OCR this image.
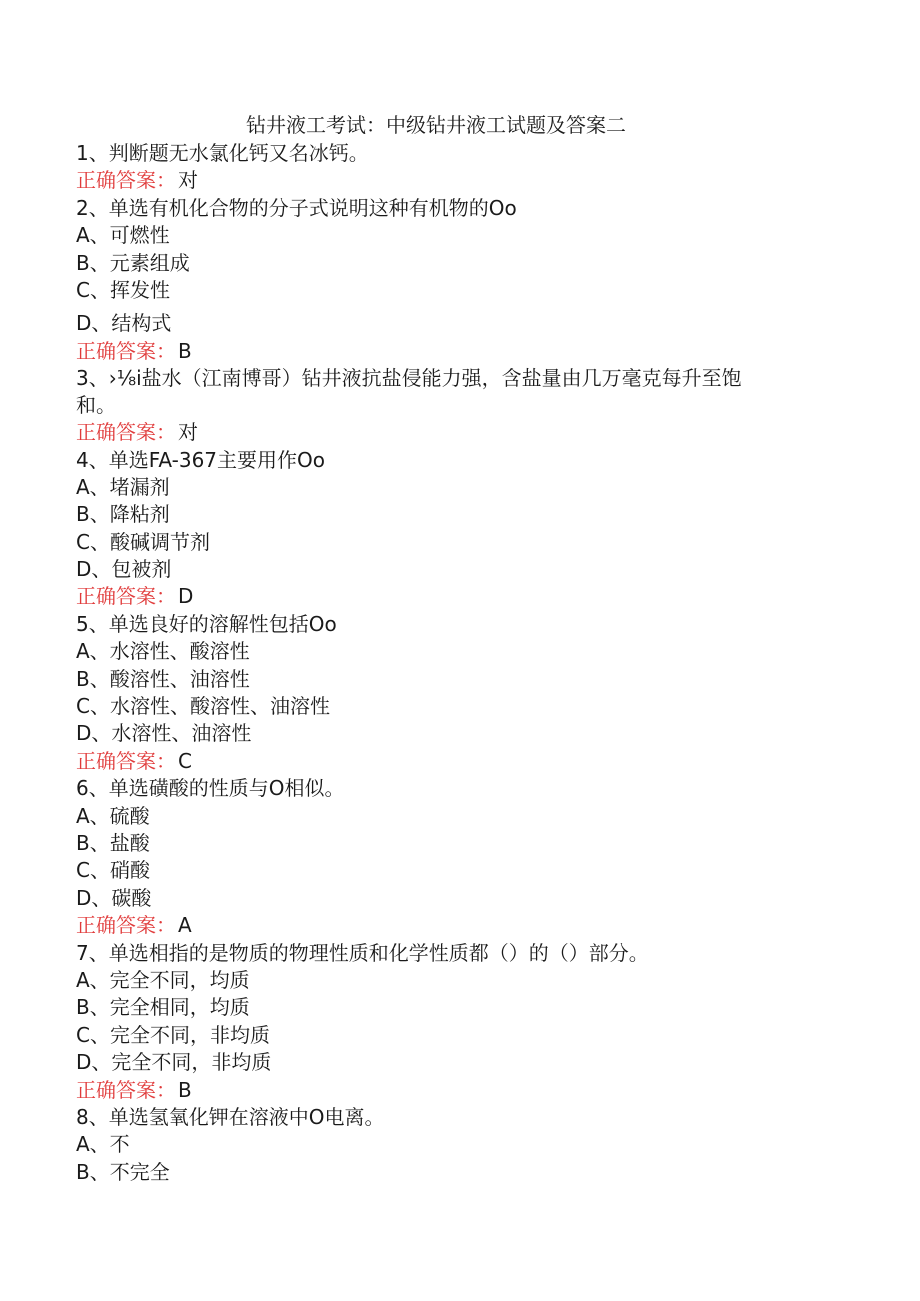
钻井液工考试：中级钻井液工试题及答案二
1、判断题无水氯化钙又名冰钙。
正确答案： 对
2、单选有机化合物的分子式说明这种有机物的Oo
A、可燃性
B、元素组成
C、挥发性
D、结构式
正确答案： B
3、›⅛i盐水（江南博哥）钻井液抗盐侵能力强，含盐量由几万毫克每升至饱和。
正确答案： 对
4、单选FA-367主要用作Oo
A、堵漏剂
B、降粘剂
C、酸碱调节剂
D、包被剂
正确答案： D
5、单选良好的溶解性包括Oo
A、水溶性、酸溶性
B、酸溶性、油溶性
C、水溶性、酸溶性、油溶性
D、水溶性、油溶性
正确答案： C
6、单选磺酸的性质与O相似。
A、硫酸
B、盐酸
C、硝酸
D、碳酸
正确答案： A
7、单选相指的是物质的物理性质和化学性质都（）的（）部分。
A、完全不同，均质
B、完全相同，均质
C、完全不同，非均质
D、完全不同，非均质
正确答案： B
8、单选氢氧化钾在溶液中O电离。
A、不
B、不完全
